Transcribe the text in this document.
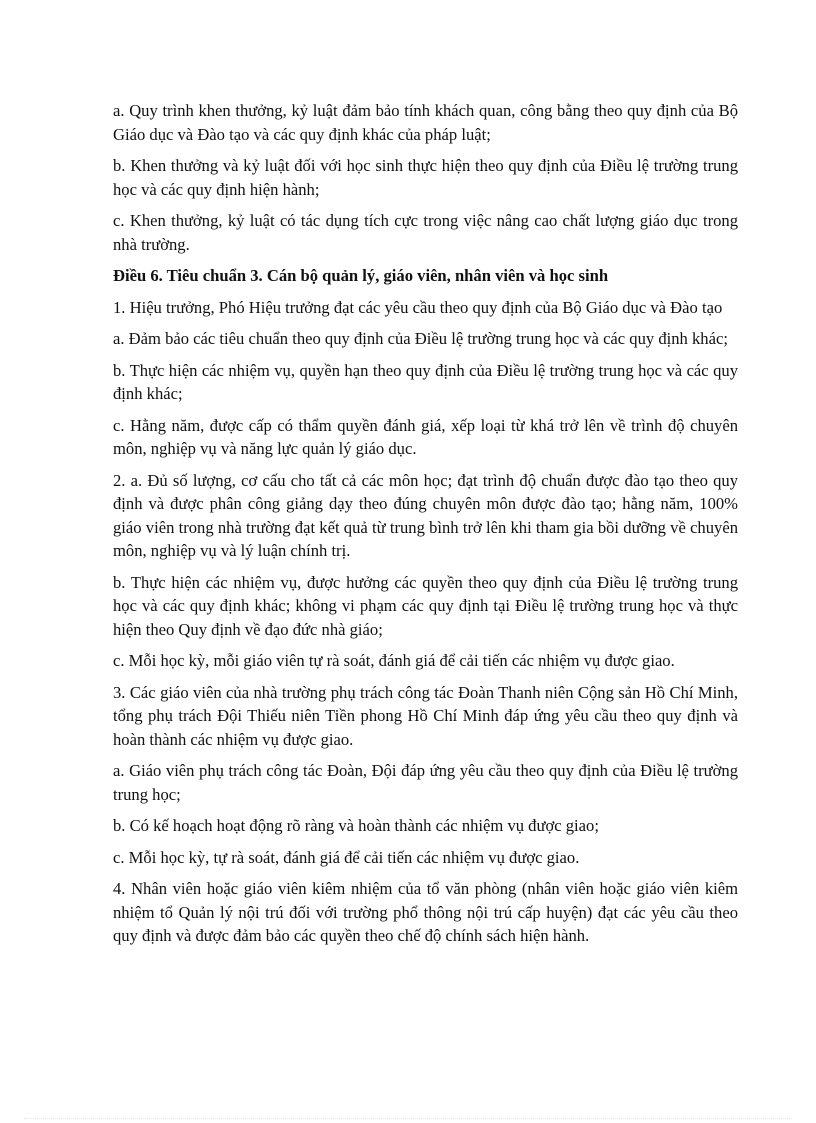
a. Quy trình khen thưởng, kỷ luật đảm bảo tính khách quan, công bằng theo quy định của Bộ Giáo dục và Đào tạo và các quy định khác của pháp luật;

b. Khen thưởng và kỷ luật đối với học sinh thực hiện theo quy định của Điều lệ trường trung học và các quy định hiện hành;

c. Khen thưởng, kỷ luật có tác dụng tích cực trong việc nâng cao chất lượng giáo dục trong nhà trường.

Điều 6. Tiêu chuẩn 3. Cán bộ quản lý, giáo viên, nhân viên và học sinh

1. Hiệu trưởng, Phó Hiệu trưởng đạt các yêu cầu theo quy định của Bộ Giáo dục và Đào tạo

a. Đảm bảo các tiêu chuẩn theo quy định của Điều lệ trường trung học và các quy định khác;

b. Thực hiện các nhiệm vụ, quyền hạn theo quy định của Điều lệ trường trung học và các quy định khác;

c. Hằng năm, được cấp có thẩm quyền đánh giá, xếp loại từ khá trở lên về trình độ chuyên môn, nghiệp vụ và năng lực quản lý giáo dục.

2. a. Đủ số lượng, cơ cấu cho tất cả các môn học; đạt trình độ chuẩn được đào tạo theo quy định và được phân công giảng dạy theo đúng chuyên môn được đào tạo; hằng năm, 100% giáo viên trong nhà trường đạt kết quả từ trung bình trở lên khi tham gia bồi dưỡng về chuyên môn, nghiệp vụ và lý luận chính trị.

b. Thực hiện các nhiệm vụ, được hưởng các quyền theo quy định của Điều lệ trường trung học và các quy định khác; không vi phạm các quy định tại Điều lệ trường trung học và thực hiện theo Quy định về đạo đức nhà giáo;

c. Mỗi học kỳ, mỗi giáo viên tự rà soát, đánh giá để cải tiến các nhiệm vụ được giao.

3. Các giáo viên của nhà trường phụ trách công tác Đoàn Thanh niên Cộng sản Hồ Chí Minh, tổng phụ trách Đội Thiếu niên Tiền phong Hồ Chí Minh đáp ứng yêu cầu theo quy định và hoàn thành các nhiệm vụ được giao.

a. Giáo viên phụ trách công tác Đoàn, Đội đáp ứng yêu cầu theo quy định của Điều lệ trường trung học;

b. Có kế hoạch hoạt động rõ ràng và hoàn thành các nhiệm vụ được giao;

c. Mỗi học kỳ, tự rà soát, đánh giá để cải tiến các nhiệm vụ được giao.

4. Nhân viên hoặc giáo viên kiêm nhiệm của tổ văn phòng (nhân viên hoặc giáo viên kiêm nhiệm tổ Quản lý nội trú đối với trường phổ thông nội trú cấp huyện) đạt các yêu cầu theo quy định và được đảm bảo các quyền theo chế độ chính sách hiện hành.
